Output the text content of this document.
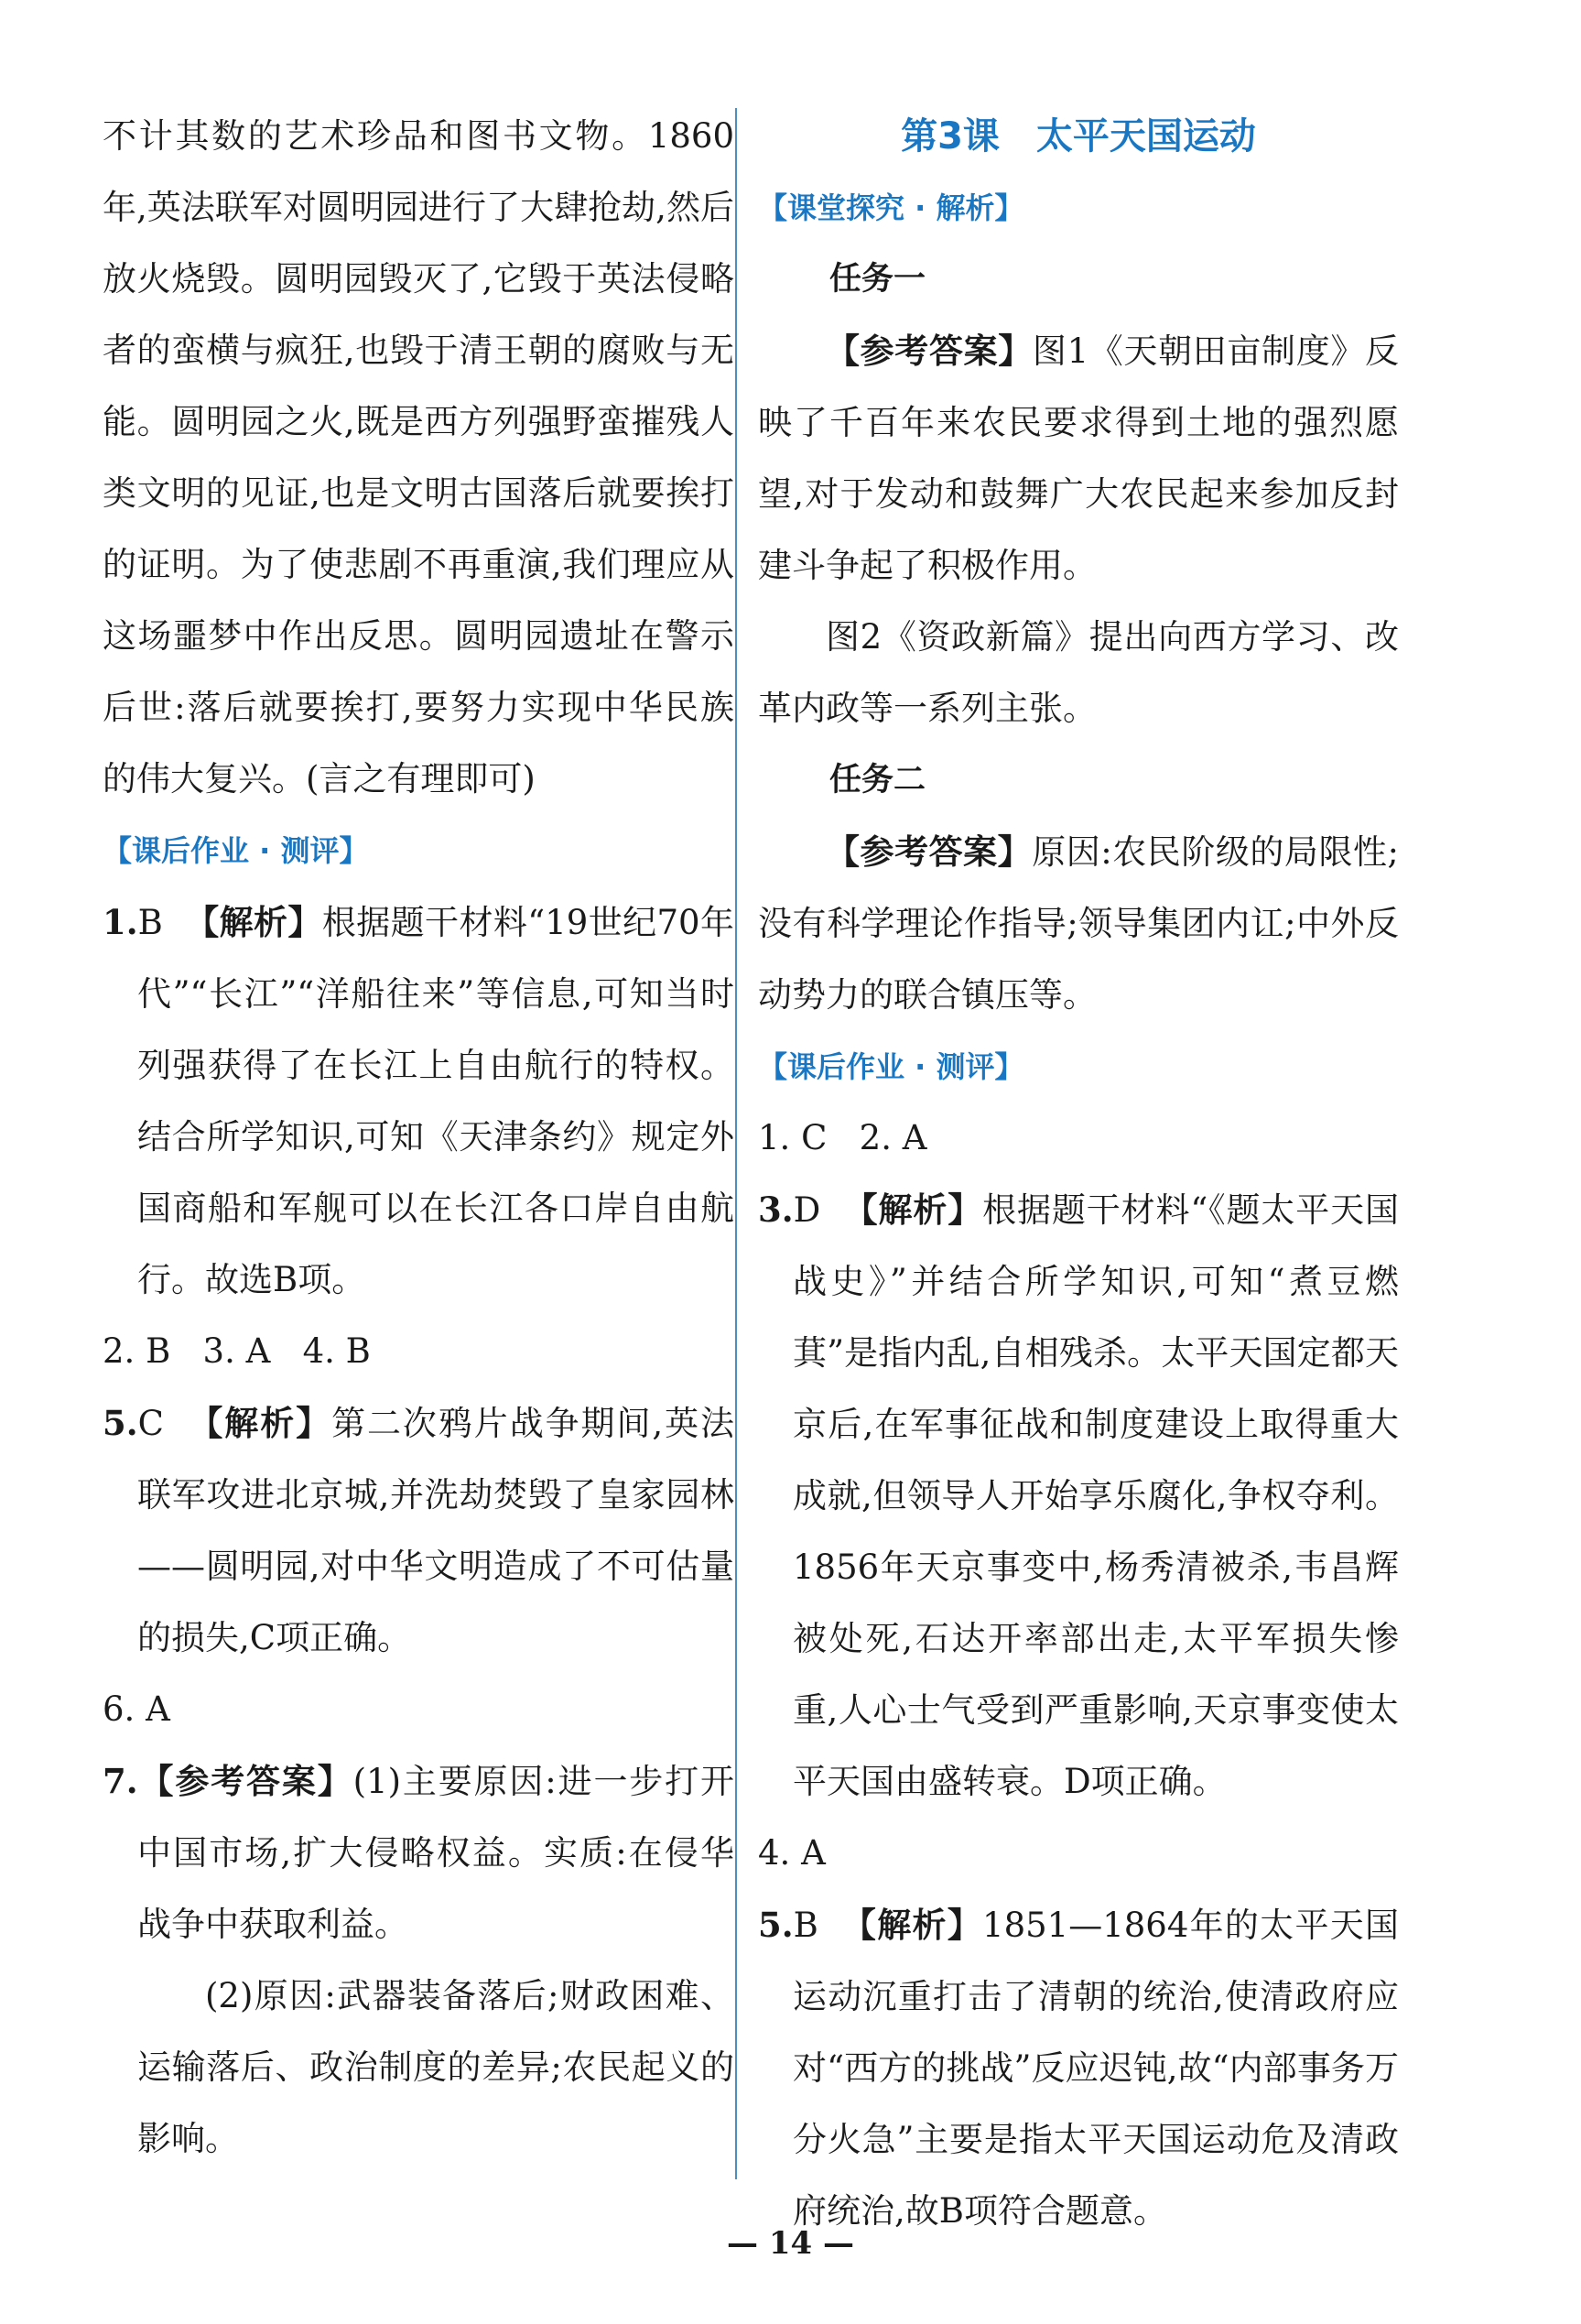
不计其数的艺术珍品和图书文物。1860年,英法联军对圆明园进行了大肆抢劫,然后放火烧毁。圆明园毁灭了,它毁于英法侵略者的蛮横与疯狂,也毁于清王朝的腐败与无能。圆明园之火,既是西方列强野蛮摧残人类文明的见证,也是文明古国落后就要挨打的证明。为了使悲剧不再重演,我们理应从这场噩梦中作出反思。圆明园遗址在警示后世:落后就要挨打,要努力实现中华民族的伟大复兴。(言之有理即可)

【课后作业 · 测评】

1.B 【解析】根据题干材料“19世纪70年代”“长江”“洋船往来”等信息,可知当时列强获得了在长江上自由航行的特权。结合所学知识,可知《天津条约》规定外国商船和军舰可以在长江各口岸自由航行。故选B项。

2. B   3. A   4. B

5.C 【解析】第二次鸦片战争期间,英法联军攻进北京城,并洗劫焚毁了皇家园林——圆明园,对中华文明造成了不可估量的损失,C项正确。

6. A

7.【参考答案】(1)主要原因:进一步打开中国市场,扩大侵略权益。实质:在侵华战争中获取利益。

(2)原因:武器装备落后;财政困难、运输落后、政治制度的差异;农民起义的影响。

第3课 太平天国运动

【课堂探究 · 解析】

任务一

【参考答案】图1《天朝田亩制度》反映了千百年来农民要求得到土地的强烈愿望,对于发动和鼓舞广大农民起来参加反封建斗争起了积极作用。

图2《资政新篇》提出向西方学习、改革内政等一系列主张。

任务二

【参考答案】原因:农民阶级的局限性;没有科学理论作指导;领导集团内讧;中外反动势力的联合镇压等。

【课后作业 · 测评】

1. C   2. A

3.D 【解析】根据题干材料“《题太平天国战史》”并结合所学知识,可知“煮豆燃萁”是指内乱,自相残杀。太平天国定都天京后,在军事征战和制度建设上取得重大成就,但领导人开始享乐腐化,争权夺利。1856年天京事变中,杨秀清被杀,韦昌辉被处死,石达开率部出走,太平军损失惨重,人心士气受到严重影响,天京事变使太平天国由盛转衰。D项正确。

4. A

5.B 【解析】1851—1864年的太平天国运动沉重打击了清朝的统治,使清政府应对“西方的挑战”反应迟钝,故“内部事务万分火急”主要是指太平天国运动危及清政府统治,故B项符合题意。

— 14 —
